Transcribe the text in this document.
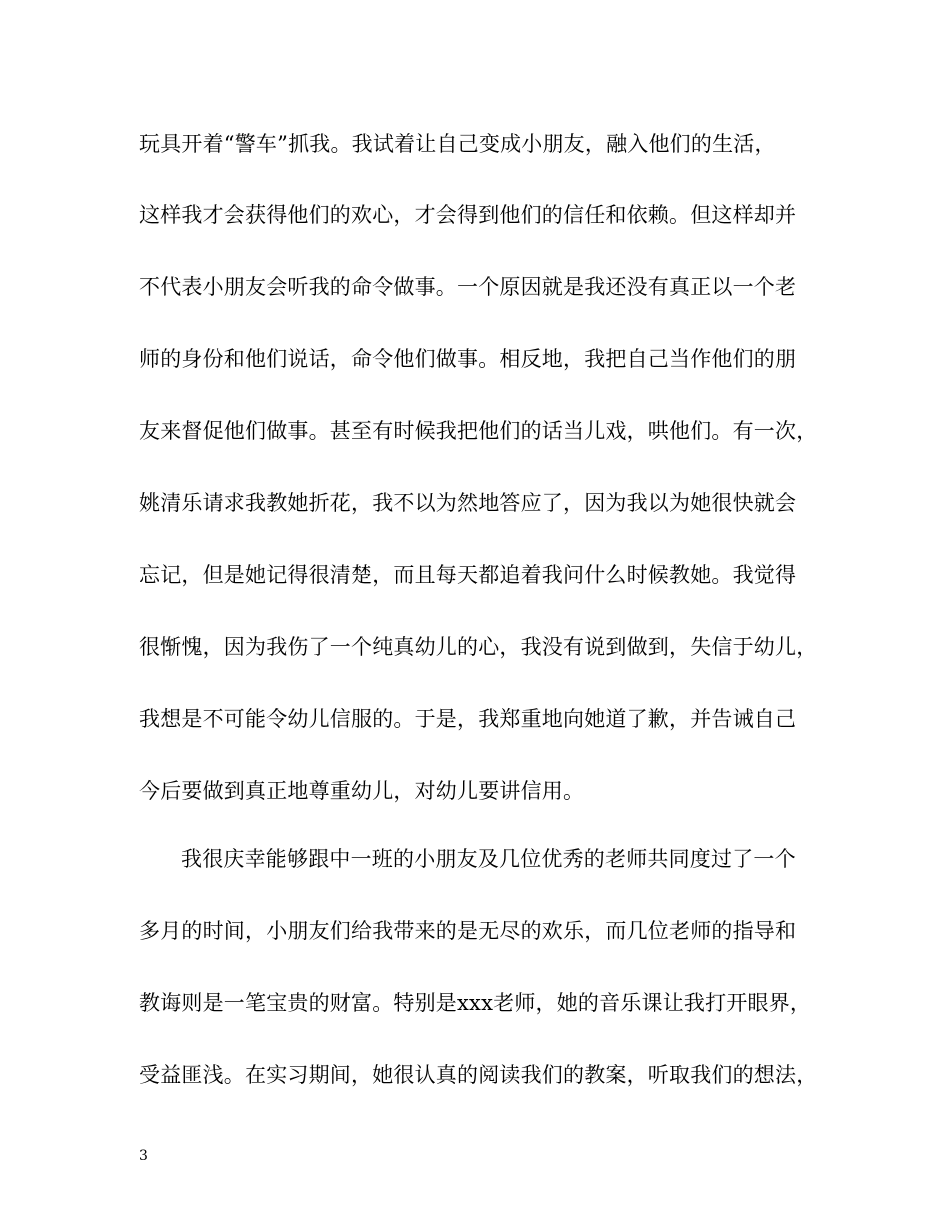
玩具开着“警车”抓我。我试着让自己变成小朋友，融入他们的生活，
这样我才会获得他们的欢心，才会得到他们的信任和依赖。但这样却并
不代表小朋友会听我的命令做事。一个原因就是我还没有真正以一个老
师的身份和他们说话，命令他们做事。相反地，我把自己当作他们的朋
友来督促他们做事。甚至有时候我把他们的话当儿戏，哄他们。有一次，
姚清乐请求我教她折花，我不以为然地答应了，因为我以为她很快就会
忘记，但是她记得很清楚，而且每天都追着我问什么时候教她。我觉得
很惭愧，因为我伤了一个纯真幼儿的心，我没有说到做到，失信于幼儿，
我想是不可能令幼儿信服的。于是，我郑重地向她道了歉，并告诫自己
今后要做到真正地尊重幼儿，对幼儿要讲信用。
我很庆幸能够跟中一班的小朋友及几位优秀的老师共同度过了一个
多月的时间，小朋友们给我带来的是无尽的欢乐，而几位老师的指导和
教诲则是一笔宝贵的财富。特别是xxx老师，她的音乐课让我打开眼界，
受益匪浅。在实习期间，她很认真的阅读我们的教案，听取我们的想法，
3
